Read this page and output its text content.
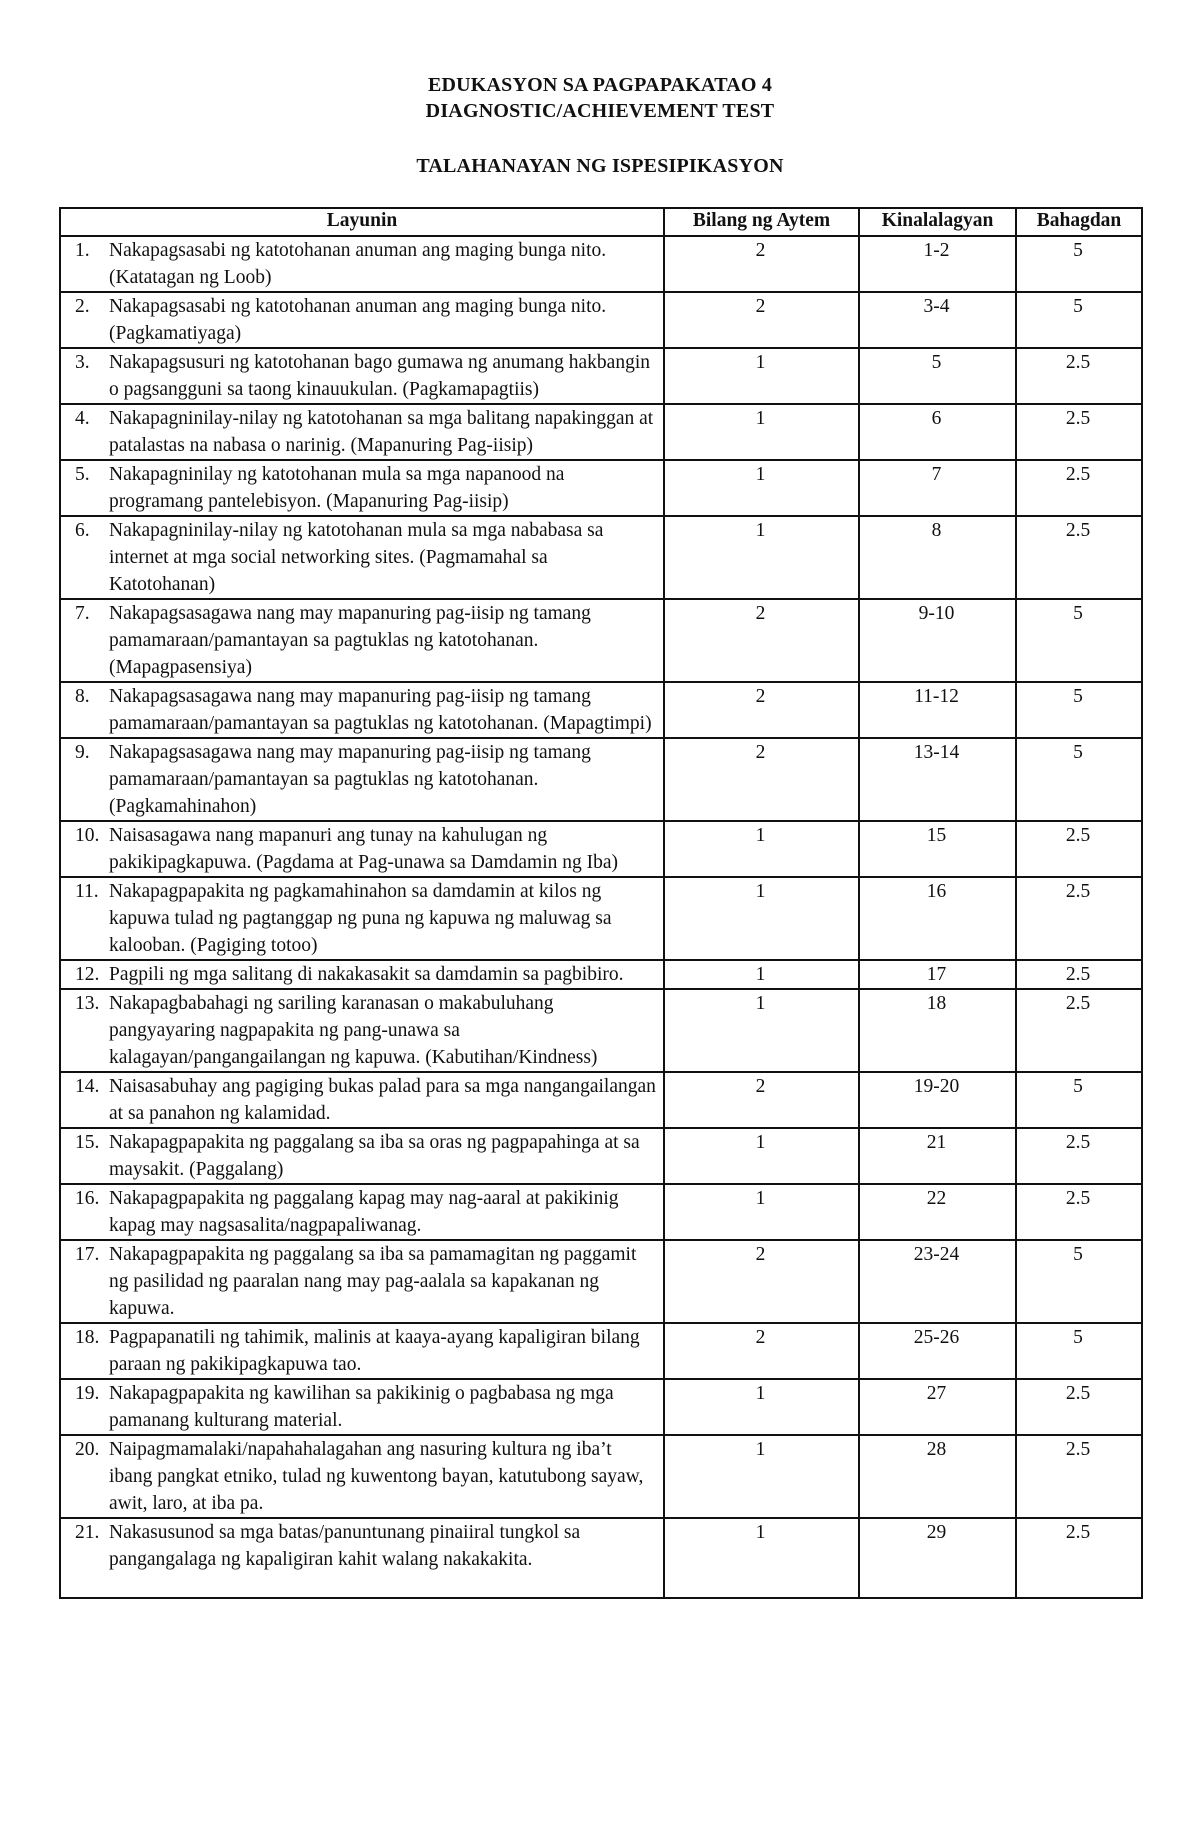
EDUKASYON SA PAGPAPAKATAO 4
DIAGNOSTIC/ACHIEVEMENT TEST
TALAHANAYAN NG ISPESIPIKASYON
Layunin	Bilang ng Aytem	Kinalalagyan	Bahagdan

1. Nakapagsasabi ng katotohanan anuman ang maging bunga nito. (Katatagan ng Loob)	2	1-2	5

2. Nakapagsasabi ng katotohanan anuman ang maging bunga nito. (Pagkamatiyaga)	2	3-4	5

3. Nakapagsusuri ng katotohanan bago gumawa ng anumang hakbangin o pagsangguni sa taong kinauukulan. (Pagkamapagtiis)	1	5	2.5

4. Nakapagninilay-nilay ng katotohanan sa mga balitang napakinggan at patalastas na nabasa o narinig. (Mapanuring Pag-iisip)	1	6	2.5

5. Nakapagninilay ng katotohanan mula sa mga napanood na programang pantelebisyon. (Mapanuring Pag-iisip)	1	7	2.5

6. Nakapagninilay-nilay ng katotohanan mula sa mga nababasa sa internet at mga social networking sites. (Pagmamahal sa Katotohanan)	1	8	2.5

7. Nakapagsasagawa nang may mapanuring pag-iisip ng tamang pamamaraan/pamantayan sa pagtuklas ng katotohanan. (Mapagpasensiya)	2	9-10	5

8. Nakapagsasagawa nang may mapanuring pag-iisip ng tamang pamamaraan/pamantayan sa pagtuklas ng katotohanan. (Mapagtimpi)	2	11-12	5

9. Nakapagsasagawa nang may mapanuring pag-iisip ng tamang pamamaraan/pamantayan sa pagtuklas ng katotohanan. (Pagkamahinahon)	2	13-14	5

10. Naisasagawa nang mapanuri ang tunay na kahulugan ng pakikipagkapuwa. (Pagdama at Pag-unawa sa Damdamin ng Iba)	1	15	2.5

11. Nakapagpapakita ng pagkamahinahon sa damdamin at kilos ng kapuwa tulad ng pagtanggap ng puna ng kapuwa ng maluwag sa kalooban. (Pagiging totoo)	1	16	2.5

12. Pagpili ng mga salitang di nakakasakit sa damdamin sa pagbibiro.	1	17	2.5

13. Nakapagbabahagi ng sariling karanasan o makabuluhang pangyayaring nagpapakita ng pang-unawa sa kalagayan/pangangailangan ng kapuwa. (Kabutihan/Kindness)	1	18	2.5

14. Naisasabuhay ang pagiging bukas palad para sa mga nangangailangan at sa panahon ng kalamidad.	2	19-20	5

15. Nakapagpapakita ng paggalang sa iba sa oras ng pagpapahinga at sa maysakit. (Paggalang)	1	21	2.5

16. Nakapagpapakita ng paggalang kapag may nag-aaral at pakikinig kapag may nagsasalita/nagpapaliwanag.	1	22	2.5

17. Nakapagpapakita ng paggalang sa iba sa pamamagitan ng paggamit ng pasilidad ng paaralan nang may pag-aalala sa kapakanan ng kapuwa.	2	23-24	5

18. Pagpapanatili ng tahimik, malinis at kaaya-ayang kapaligiran bilang paraan ng pakikipagkapuwa tao.	2	25-26	5

19. Nakapagpapakita ng kawilihan sa pakikinig o pagbabasa ng mga pamanang kulturang material.	1	27	2.5

20. Naipagmamalaki/napahahalagahan ang nasuring kultura ng iba’t ibang pangkat etniko, tulad ng kuwentong bayan, katutubong sayaw, awit, laro, at iba pa.	1	28	2.5

21. Nakasusunod sa mga batas/panuntunang pinaiiral tungkol sa pangangalaga ng kapaligiran kahit walang nakakakita.	1	29	2.5
